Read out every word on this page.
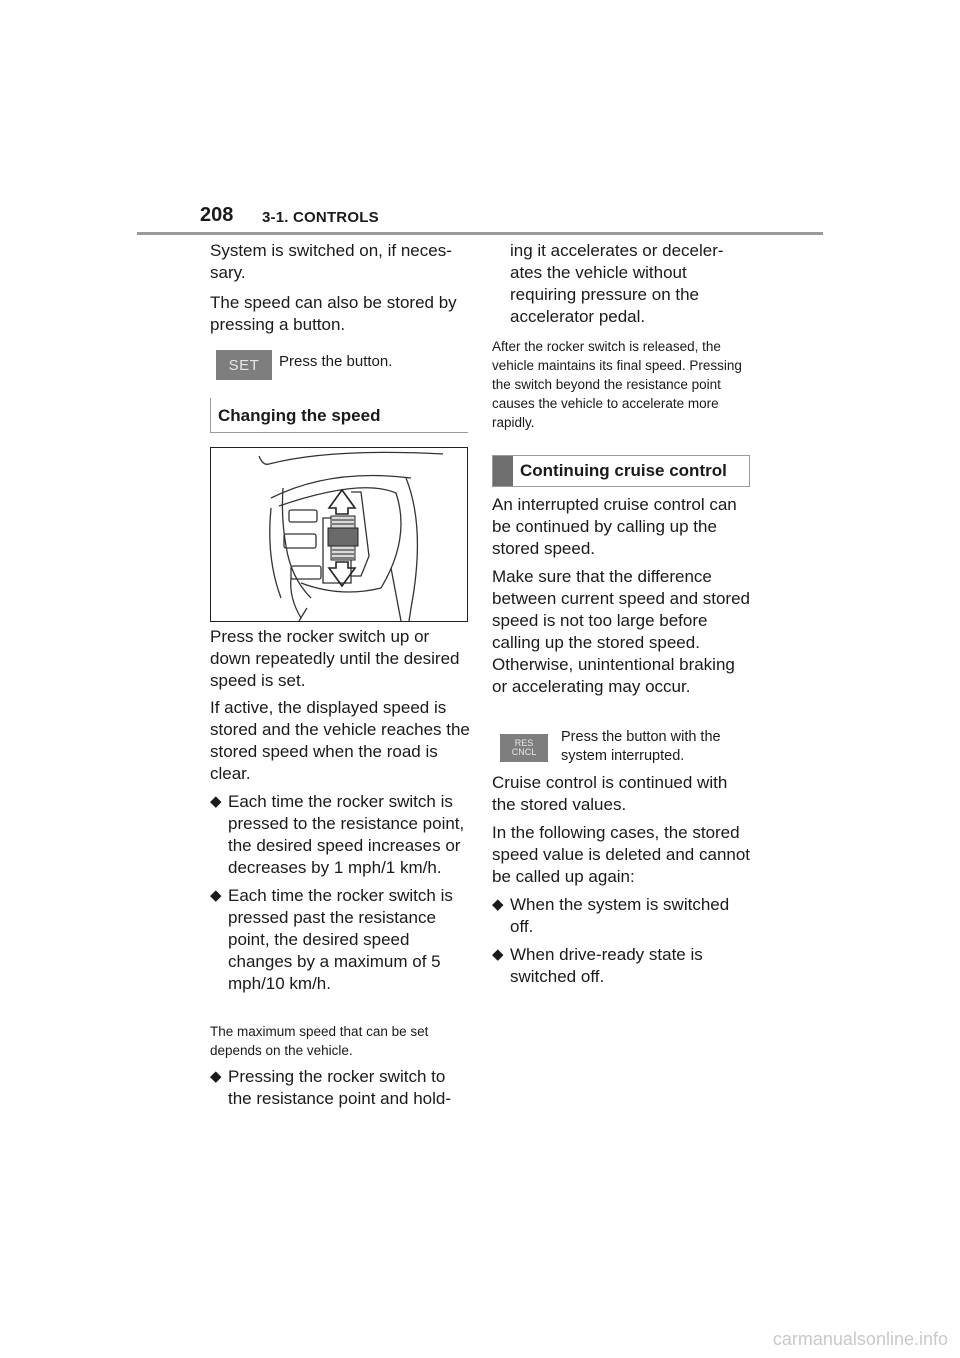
208 3-1. CONTROLS

System is switched on, if neces-sary.

The speed can also be stored by pressing a button.

SET Press the button.
Changing the speed

Press the rocker switch up or down repeatedly until the desired speed is set.

If active, the displayed speed is stored and the vehicle reaches the stored speed when the road is clear.

◆ Each time the rocker switch is pressed to the resistance point, the desired speed increases or decreases by 1 mph/1 km/h.
◆ Each time the rocker switch is pressed past the resistance point, the desired speed changes by a maximum of 5 mph/10 km/h.
The maximum speed that can be set depends on the vehicle.
◆ Pressing the rocker switch to the resistance point and hold-

ing it accelerates or deceler-ates the vehicle without requiring pressure on the accelerator pedal.

After the rocker switch is released, the vehicle maintains its final speed. Pressing the switch beyond the resistance point causes the vehicle to accelerate more rapidly.
Continuing cruise control

An interrupted cruise control can be continued by calling up the stored speed.

Make sure that the difference between current speed and stored speed is not too large before calling up the stored speed. Otherwise, unintentional braking or accelerating may occur.

RES
CNCL
Press the button with the system interrupted.

Cruise control is continued with the stored values.

In the following cases, the stored speed value is deleted and cannot be called up again:

◆ When the system is switched off.
◆ When drive-ready state is switched off.
carmanualsonline.info
